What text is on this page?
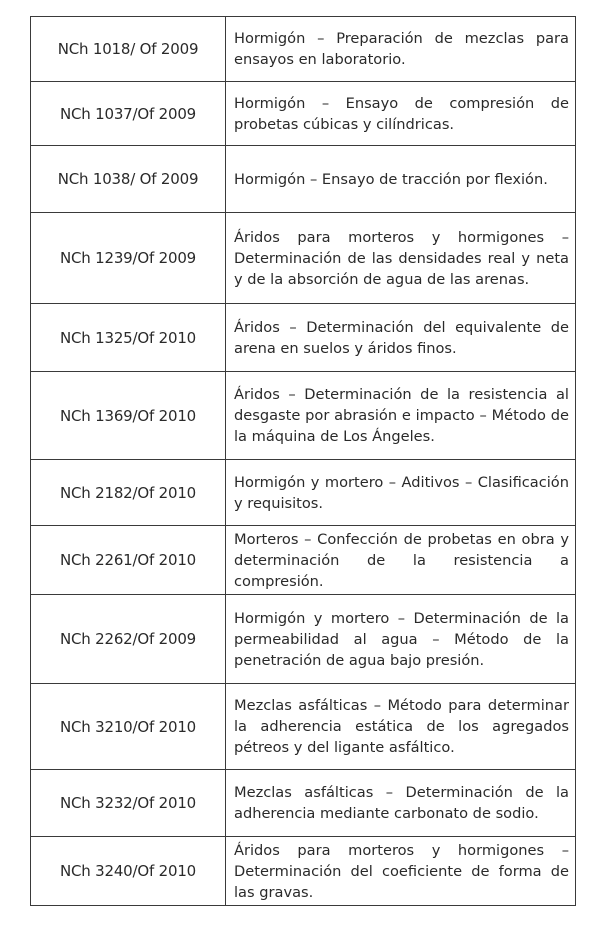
NCh 1018/ Of 2009	Hormigón – Preparación de mezclas para ensayos en laboratorio.
NCh 1037/Of 2009	Hormigón – Ensayo de compresión de probetas cúbicas y cilíndricas.
NCh 1038/ Of 2009	Hormigón – Ensayo de tracción por flexión.
NCh 1239/Of 2009	Áridos para morteros y hormigones – Determinación de las densidades real y neta y de la absorción de agua de las arenas.
NCh 1325/Of 2010	Áridos – Determinación del equivalente de arena en suelos y áridos finos.
NCh 1369/Of 2010	Áridos – Determinación de la resistencia al desgaste por abrasión e impacto – Método de la máquina de Los Ángeles.
NCh 2182/Of 2010	Hormigón y mortero – Aditivos – Clasificación y requisitos.
NCh 2261/Of 2010	Morteros – Confección de probetas en obra y determinación de la resistencia a compresión.
NCh 2262/Of 2009	Hormigón y mortero – Determinación de la permeabilidad al agua – Método de la penetración de agua bajo presión.
NCh 3210/Of 2010	Mezclas asfálticas – Método para determinar la adherencia estática de los agregados pétreos y del ligante asfáltico.
NCh 3232/Of 2010	Mezclas asfálticas – Determinación de la adherencia mediante carbonato de sodio.
NCh 3240/Of 2010	Áridos para morteros y hormigones – Determinación del coeficiente de forma de las gravas.
